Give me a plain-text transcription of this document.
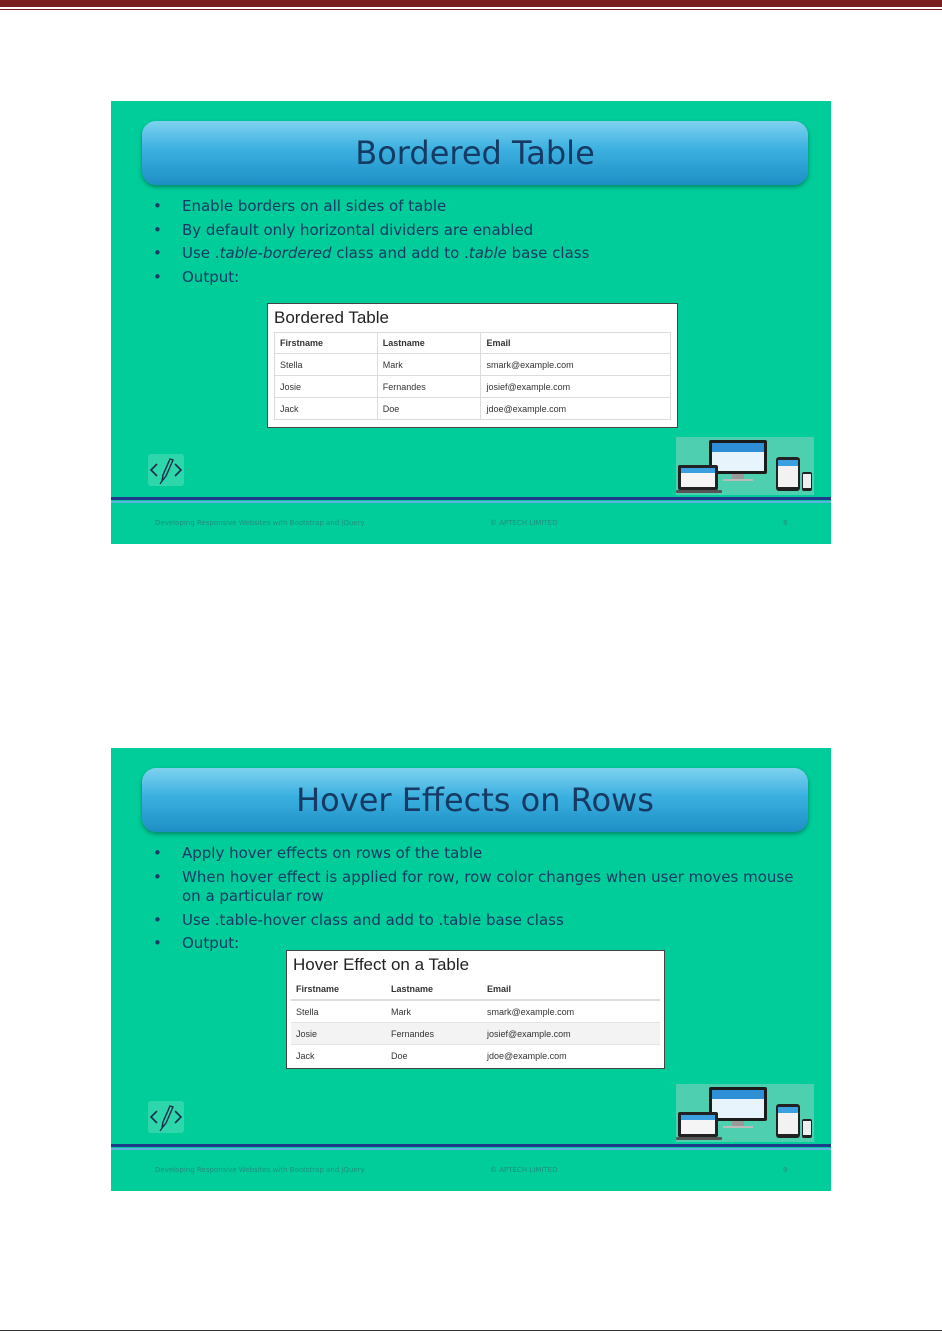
Bordered Table
• Enable borders on all sides of table
• By default only horizontal dividers are enabled
• Use .table-bordered class and add to .table base class
• Output:
Bordered Table
Firstname	Lastname	Email
Stella	Mark	smark@example.com
Josie	Fernandes	josief@example.com
Jack	Doe	jdoe@example.com
Developing Responsive Websites with Bootstrap and jQuery	© APTECH LIMITED	8
Hover Effects on Rows
• Apply hover effects on rows of the table
• When hover effect is applied for row, row color changes when user moves mouse on a particular row
• Use .table-hover class and add to .table base class
• Output:
Hover Effect on a Table
Firstname	Lastname	Email
Stella	Mark	smark@example.com
Josie	Fernandes	josief@example.com
Jack	Doe	jdoe@example.com
Developing Responsive Websites with Bootstrap and jQuery	© APTECH LIMITED	9
